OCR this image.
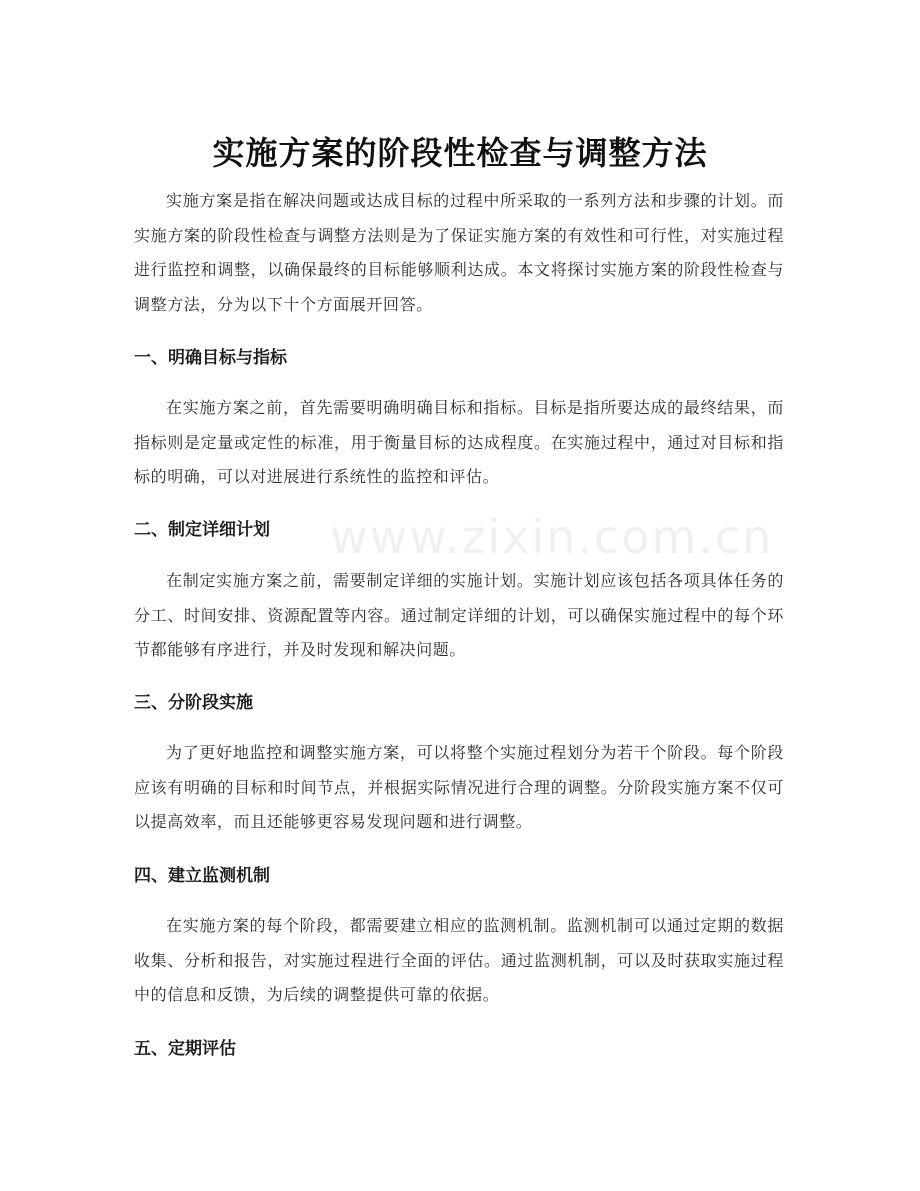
实施方案的阶段性检查与调整方法

实施方案是指在解决问题或达成目标的过程中所采取的一系列方法和步骤的计划。而实施方案的阶段性检查与调整方法则是为了保证实施方案的有效性和可行性，对实施过程进行监控和调整，以确保最终的目标能够顺利达成。本文将探讨实施方案的阶段性检查与调整方法，分为以下十个方面展开回答。

一、明确目标与指标

在实施方案之前，首先需要明确明确目标和指标。目标是指所要达成的最终结果，而指标则是定量或定性的标准，用于衡量目标的达成程度。在实施过程中，通过对目标和指标的明确，可以对进展进行系统性的监控和评估。

二、制定详细计划

在制定实施方案之前，需要制定详细的实施计划。实施计划应该包括各项具体任务的分工、时间安排、资源配置等内容。通过制定详细的计划，可以确保实施过程中的每个环节都能够有序进行，并及时发现和解决问题。

三、分阶段实施

为了更好地监控和调整实施方案，可以将整个实施过程划分为若干个阶段。每个阶段应该有明确的目标和时间节点，并根据实际情况进行合理的调整。分阶段实施方案不仅可以提高效率，而且还能够更容易发现问题和进行调整。

四、建立监测机制

在实施方案的每个阶段，都需要建立相应的监测机制。监测机制可以通过定期的数据收集、分析和报告，对实施过程进行全面的评估。通过监测机制，可以及时获取实施过程中的信息和反馈，为后续的调整提供可靠的依据。

五、定期评估
www.zixin.com.cn
